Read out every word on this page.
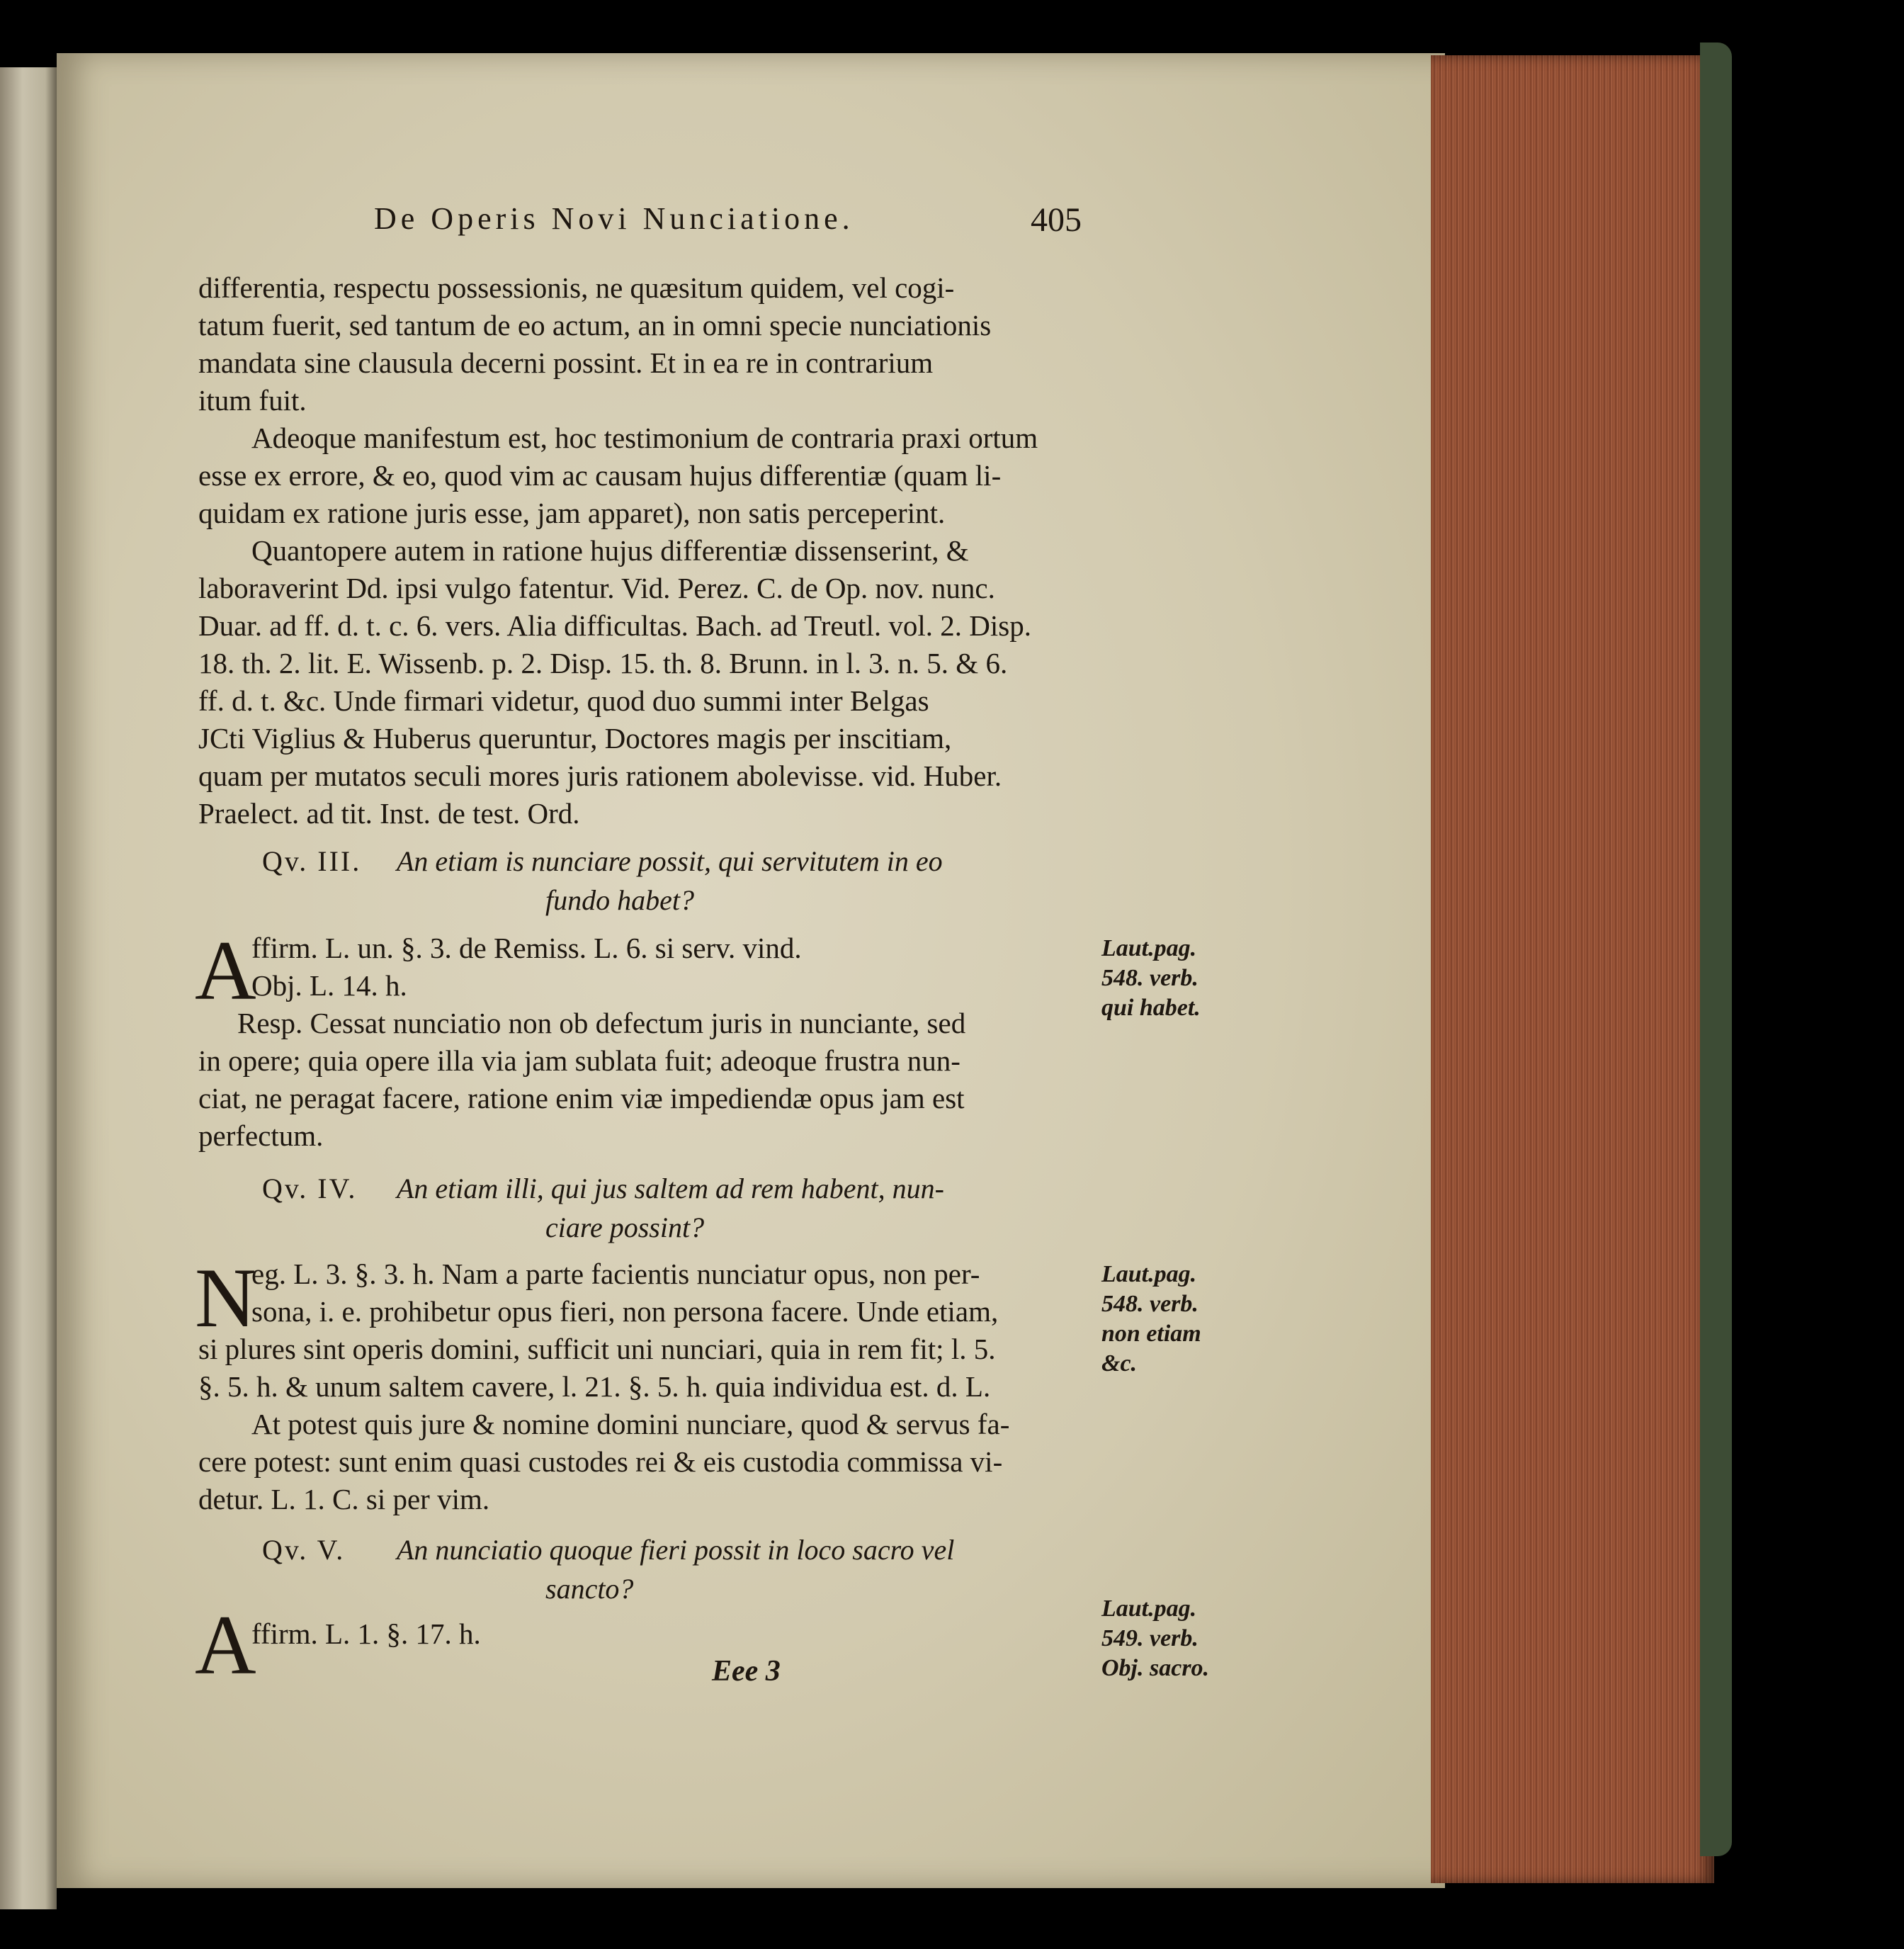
De Operis Novi Nunciatione.	405
differentia, respectu possessionis, ne quæsitum quidem, vel cogi-
tatum fuerit, sed tantum de eo actum, an in omni specie nunciationis
mandata sine clausula decerni possint. Et in ea re in contrarium
itum fuit.
Adeoque manifestum est, hoc testimonium de contraria praxi ortum
esse ex errore, & eo, quod vim ac causam hujus differentiæ (quam li-
quidam ex ratione juris esse, jam apparet), non satis perceperint.
Quantopere autem in ratione hujus differentiæ dissenserint, &
laboraverint Dd. ipsi vulgo fatentur. Vid. Perez. C. de Op. nov. nunc.
Duar. ad ff. d. t. c. 6. vers. Alia difficultas. Bach. ad Treutl. vol. 2. Disp.
18. th. 2. lit. E. Wissenb. p. 2. Disp. 15. th. 8. Brunn. in l. 3. n. 5. & 6.
ff. d. t. &c. Unde firmari videtur, quod duo summi inter Belgas
JCti Viglius & Huberus queruntur, Doctores magis per inscitiam,
quam per mutatos seculi mores juris rationem abolevisse. vid. Huber.
Praelect. ad tit. Inst. de test. Ord.
Qv. III. An etiam is nunciare possit, qui servitutem in eo
fundo habet?
A
ffirm. L. un. §. 3. de Remiss. L. 6. si serv. vind.
Obj. L. 14. h.
Resp. Cessat nunciatio non ob defectum juris in nunciante, sed
in opere; quia opere illa via jam sublata fuit; adeoque frustra nun-
ciat, ne peragat facere, ratione enim viæ impediendæ opus jam est
perfectum.
Laut.pag.
548. verb.
qui habet.
Qv. IV. An etiam illi, qui jus saltem ad rem habent, nun-
ciare possint?
N
eg. L. 3. §. 3. h. Nam a parte facientis nunciatur opus, non per-
sona, i. e. prohibetur opus fieri, non persona facere. Unde etiam,
si plures sint operis domini, sufficit uni nunciari, quia in rem fit; l. 5.
§. 5. h. & unum saltem cavere, l. 21. §. 5. h. quia individua est. d. L.
At potest quis jure & nomine domini nunciare, quod & servus fa-
cere potest: sunt enim quasi custodes rei & eis custodia commissa vi-
detur. L. 1. C. si per vim.
Laut.pag.
548. verb.
non etiam
&c.
Qv. V. An nunciatio quoque fieri possit in loco sacro vel
sancto?
A
ffirm. L. 1. §. 17. h.
Laut.pag.
549. verb.
Obj. sacro.
Eee 3
